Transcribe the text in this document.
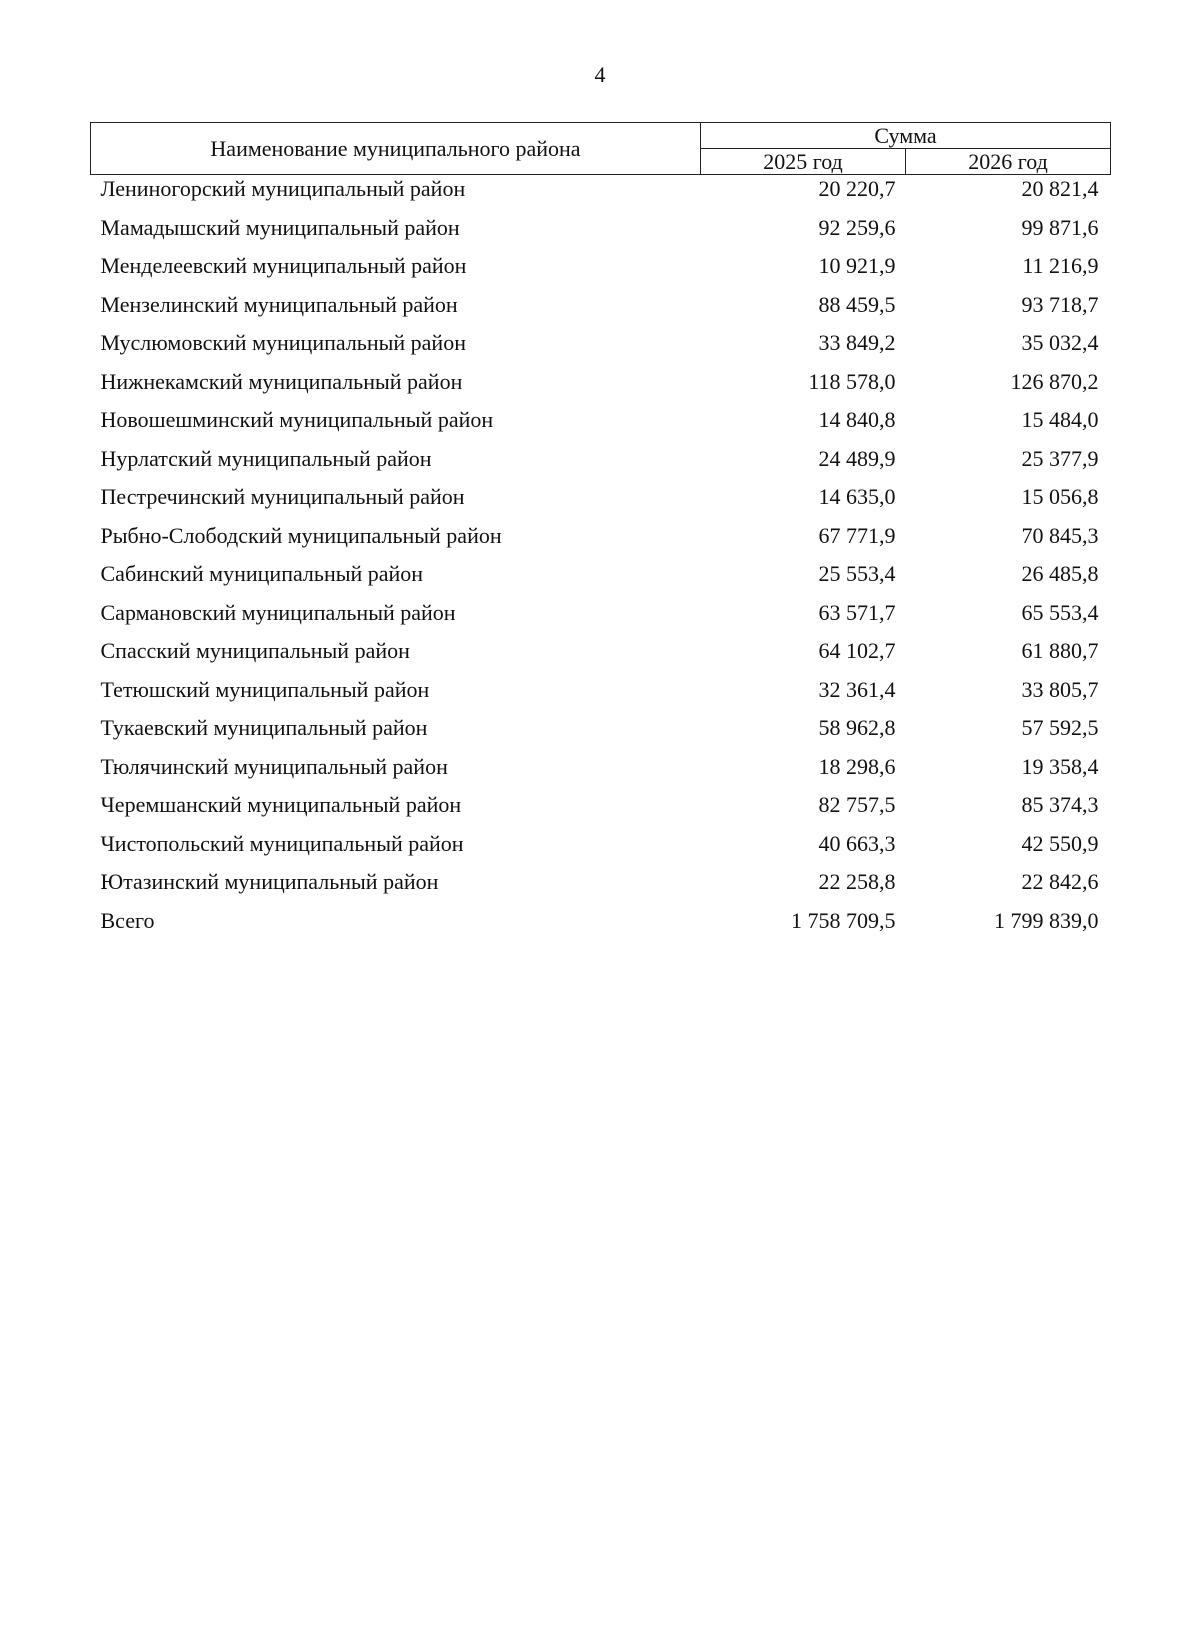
4
Наименование муниципального района	Сумма	
	2025 год	2026 год
Лениногорский муниципальный район	20 220,7	20 821,4
Мамадышский муниципальный район	92 259,6	99 871,6
Менделеевский муниципальный район	10 921,9	11 216,9
Мензелинский муниципальный район	88 459,5	93 718,7
Муслюмовский муниципальный район	33 849,2	35 032,4
Нижнекамский муниципальный район	118 578,0	126 870,2
Новошешминский муниципальный район	14 840,8	15 484,0
Нурлатский муниципальный район	24 489,9	25 377,9
Пестречинский муниципальный район	14 635,0	15 056,8
Рыбно-Слободский муниципальный район	67 771,9	70 845,3
Сабинский муниципальный район	25 553,4	26 485,8
Сармановский муниципальный район	63 571,7	65 553,4
Спасский муниципальный район	64 102,7	61 880,7
Тетюшский муниципальный район	32 361,4	33 805,7
Тукаевский муниципальный район	58 962,8	57 592,5
Тюлячинский муниципальный район	18 298,6	19 358,4
Черемшанский муниципальный район	82 757,5	85 374,3
Чистопольский муниципальный район	40 663,3	42 550,9
Ютазинский муниципальный район	22 258,8	22 842,6
Всего	1 758 709,5	1 799 839,0
